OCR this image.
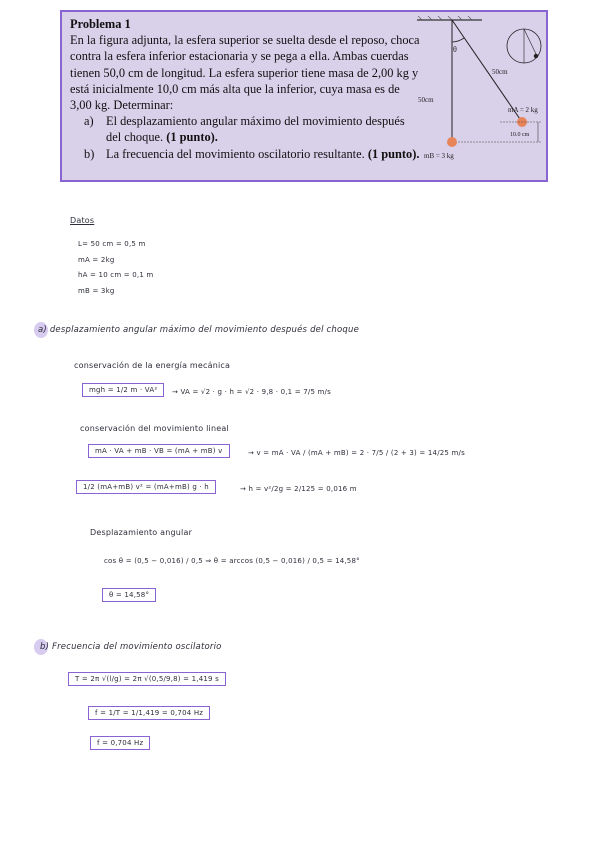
Problema 1
En la figura adjunta, la esfera superior se suelta desde el reposo, choca contra la esfera inferior estacionaria y se pega a ella. Ambas cuerdas tienen 50,0 cm de longitud. La esfera superior tiene masa de 2,00 kg y está inicialmente 10,0 cm más alta que la inferior, cuya masa es de 3,00 kg. Determinar:
a) El desplazamiento angular máximo del movimiento después del choque. (1 punto).
b) La frecuencia del movimiento oscilatorio resultante. (1 punto).
θ
50cm
50cm
mA = 2 kg
mB = 3 kg
10.0 cm
Datos
L= 50 cm = 0,5 m
mA = 2kg
hA = 10 cm = 0,1 m
mB = 3kg
a) desplazamiento angular máximo del movimiento después del choque
conservación de la energía mecánica
mgh = 1/2 m · VA²	→ VA = √2 · g · h = √2 · 9,8 · 0,1 = 7/5 m/s
conservación del movimiento lineal
mA · VA + mB · VB = (mA + mB) v	→ v = mA · VA / (mA + mB) = 2 · 7/5 / (2 + 3) = 14/25 m/s
1/2 (mA+mB) v² = (mA+mB) g · h	→ h = v²/2g = 2/125 = 0,016 m
Desplazamiento angular
cos θ = (0,5 − 0,016) / 0,5 ⇒ θ = arccos (0,5 − 0,016) / 0,5 = 14,58°
θ = 14,58°
b) Frecuencia del movimiento oscilatorio
T = 2π √(l/g) = 2π √(0,5/9,8) = 1,419 s
f = 1/T = 1/1,419 = 0,704 Hz
f = 0,704 Hz
